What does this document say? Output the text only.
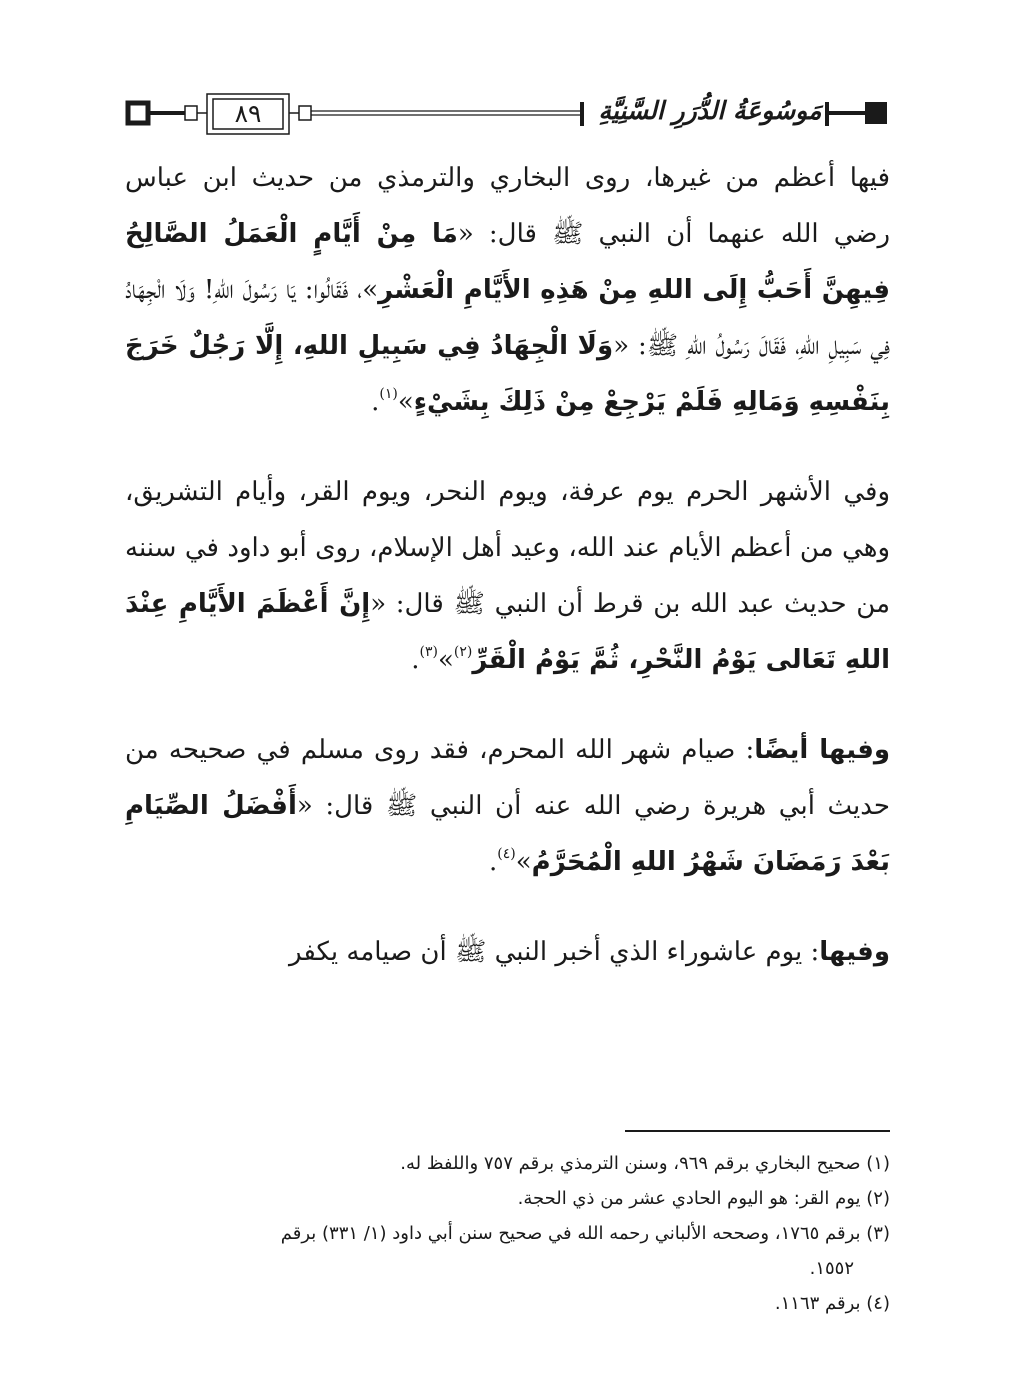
٨٩	مَوسُوعَةُ الدُّرَرِ السَّنِيَّةِ

فيها أعظم من غيرها، روى البخاري والترمذي من حديث ابن عباس رضي الله عنهما أن النبي ﷺ قال: «مَا مِنْ أَيَّامٍ الْعَمَلُ الصَّالِحُ فِيهِنَّ أَحَبُّ إِلَى اللهِ مِنْ هَذِهِ الأَيَّامِ الْعَشْرِ»، فَقَالُوا: يَا رَسُولَ اللهِ! وَلَا الْجِهَادُ فِي سَبِيلِ اللهِ، فَقَالَ رَسُولُ اللهِ ﷺ: «وَلَا الْجِهَادُ فِي سَبِيلِ اللهِ، إِلَّا رَجُلٌ خَرَجَ بِنَفْسِهِ وَمَالِهِ فَلَمْ يَرْجِعْ مِنْ ذَلِكَ بِشَيْءٍ»$^{(١)}$.

وفي الأشهر الحرم يوم عرفة، ويوم النحر، ويوم القر، وأيام التشريق، وهي من أعظم الأيام عند الله، وعيد أهل الإسلام، روى أبو داود في سننه من حديث عبد الله بن قرط أن النبي ﷺ قال: «إِنَّ أَعْظَمَ الأَيَّامِ عِنْدَ اللهِ تَعَالى يَوْمُ النَّحْرِ، ثُمَّ يَوْمُ الْقَرِّ$^{(٢)}$»$^{(٣)}$.

وفيها أيضًا: صيام شهر الله المحرم، فقد روى مسلم في صحيحه من حديث أبي هريرة رضي الله عنه أن النبي ﷺ قال: «أَفْضَلُ الصِّيَامِ بَعْدَ رَمَضَانَ شَهْرُ اللهِ الْمُحَرَّمُ»$^{(٤)}$.

وفيها: يوم عاشوراء الذي أخبر النبي ﷺ أن صيامه يكفر

(١) صحيح البخاري برقم ٩٦٩، وسنن الترمذي برقم ٧٥٧ واللفظ له.

(٢) يوم القر: هو اليوم الحادي عشر من ذي الحجة.

(٣) برقم ١٧٦٥، وصححه الألباني رحمه الله في صحيح سنن أبي داود (١/ ٣٣١) برقم

١٥٥٢.

(٤) برقم ١١٦٣.
